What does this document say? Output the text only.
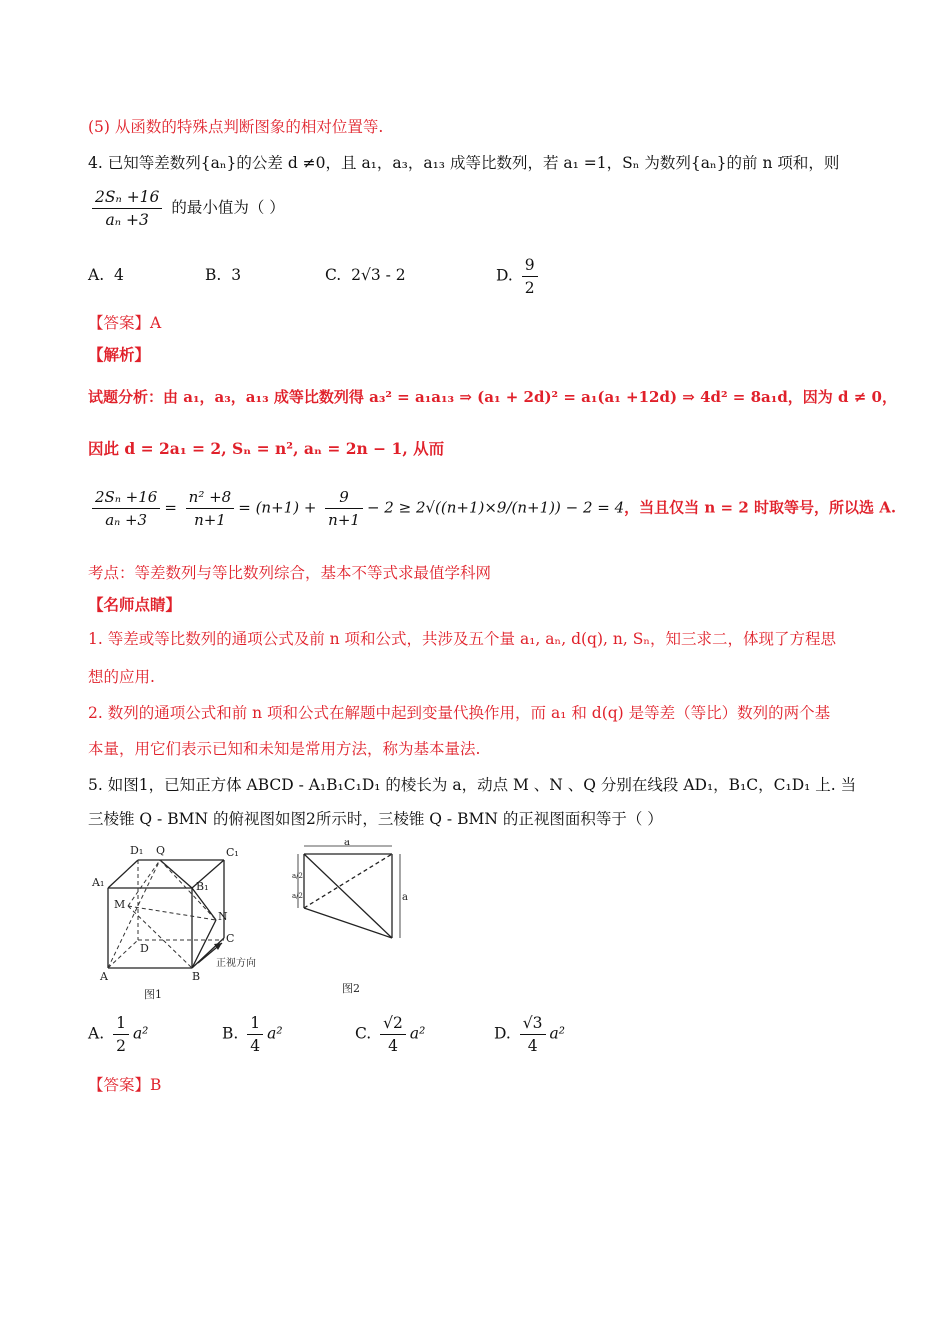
(5) 从函数的特殊点判断图象的相对位置等.
4. 已知等差数列{aₙ}的公差 d ≠0，且 a₁，a₃，a₁₃ 成等比数列，若 a₁ =1，Sₙ 为数列{aₙ}的前 n 项和，则
$\frac{\text{2Sₙ +16}}{\text{aₙ +3}}$ 的最小值为（ ）
A. 4	B. 3	C. 2√3 - 2	D. $\frac{9}{2}$
【答案】A
【解析】
试题分析：由 a₁，a₃，a₁₃ 成等比数列得 a₃² = a₁a₁₃ ⇒ (a₁ + 2d)² = a₁(a₁ +12d) ⇒ 4d² = 8a₁d，因为 d ≠ 0，
因此 d = 2a₁ = 2, Sₙ = n², aₙ = 2n − 1, 从而
$\frac{\text{2Sₙ +16}}{\text{aₙ +3}} = \frac{\text{n² +8}}{n+1} = (n+1) + \frac{9}{n+1} - 2 \ge 2√((n+1)\times 9/(n+1)) - 2 = 4$，当且仅当 n = 2 时取等号，所以选 A.
考点：等差数列与等比数列综合，基本不等式求最值学科网
【名师点睛】
1. 等差或等比数列的通项公式及前 n 项和公式，共涉及五个量 a₁, aₙ, d(q), n, Sₙ，知三求二，体现了方程思
想的应用.
2. 数列的通项公式和前 n 项和公式在解题中起到变量代换作用，而 a₁ 和 d(q) 是等差（等比）数列的两个基
本量，用它们表示已知和未知是常用方法，称为基本量法.
5. 如图1，已知正方体 ABCD - A₁B₁C₁D₁ 的棱长为 a，动点 M 、N 、Q 分别在线段 AD₁，B₁C，C₁D₁ 上. 当
三棱锥 Q - BMN 的俯视图如图2所示时，三棱锥 Q - BMN 的正视图面积等于（ ）
D₁ Q	C₁
A₁	B₁
M
N
D
C
A	B
正视方向
图1
a
a
a/2
a/2
图2
A. $\frac{1}{2} a^2$	B. $\frac{1}{4} a^2$	C. $\frac{√2}{4} a^2$	D. $\frac{√3}{4} a^2$
【答案】B
